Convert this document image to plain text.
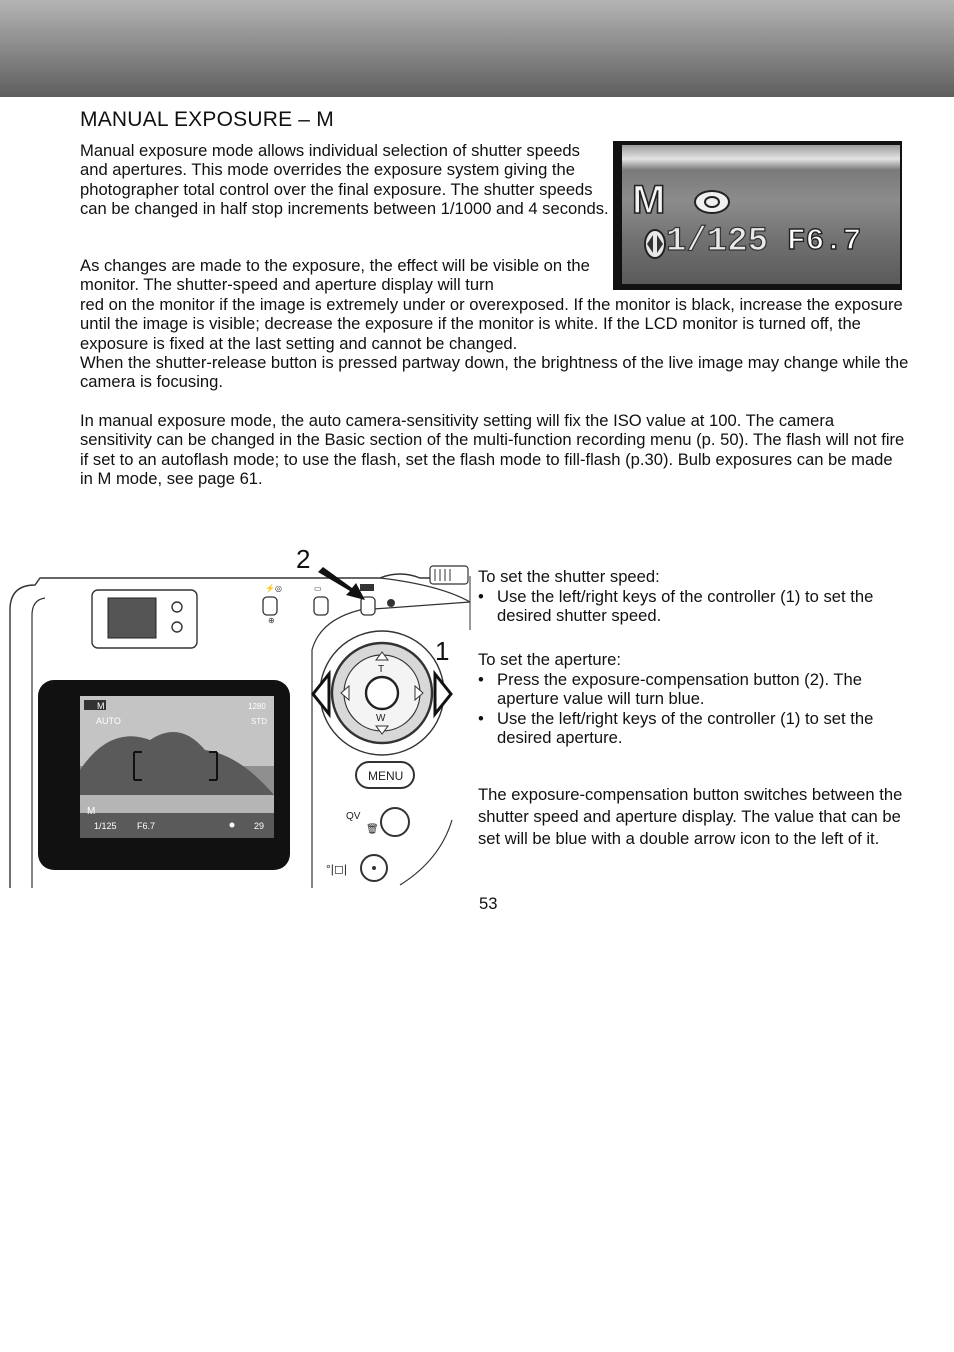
MANUAL EXPOSURE – M

Manual exposure mode allows individual selection of shutter speeds and apertures. This mode overrides the exposure system giving the photographer total control over the final exposure. The shutter speeds can be changed in half stop increments between 1/1000 and 4 seconds.

As changes are made to the exposure, the effect will be visible on the monitor. The shutter-speed and aperture display will turn
red on the monitor if the image is extremely under or overexposed. If the monitor is black, increase the exposure until the image is visible; decrease the exposure if the monitor is white. If the LCD monitor is turned off, the exposure is fixed at the last setting and cannot be changed.
When the shutter-release button is pressed partway down, the brightness of the live image may change while the camera is focusing.

In manual exposure mode, the auto camera-sensitivity setting will fix the ISO value at 100. The camera sensitivity can be changed in the Basic section of the multi-function recording menu (p. 50). The flash will not fire if set to an autoflash mode; to use the flash, set the flash mode to fill-flash (p.30). Bulb exposures can be made in M mode, see page 61.

M
1/125 F6.7
⚡◎	▭
⊕
2
1
T
W
MENU
QV
🗑
°|◻|
M
AUTO
1280
STD
M
1/125 F6.7	29
To set the shutter speed:
• Use the left/right keys of the controller (1) to set the desired shutter speed.
To set the aperture:
• Press the exposure-compensation button (2). The aperture value will turn blue.
• Use the left/right keys of the controller (1) to set the desired aperture.

The exposure-compensation button switches between the shutter speed and aperture display. The value that can be set will be blue with a double arrow icon to the left of it.

53
